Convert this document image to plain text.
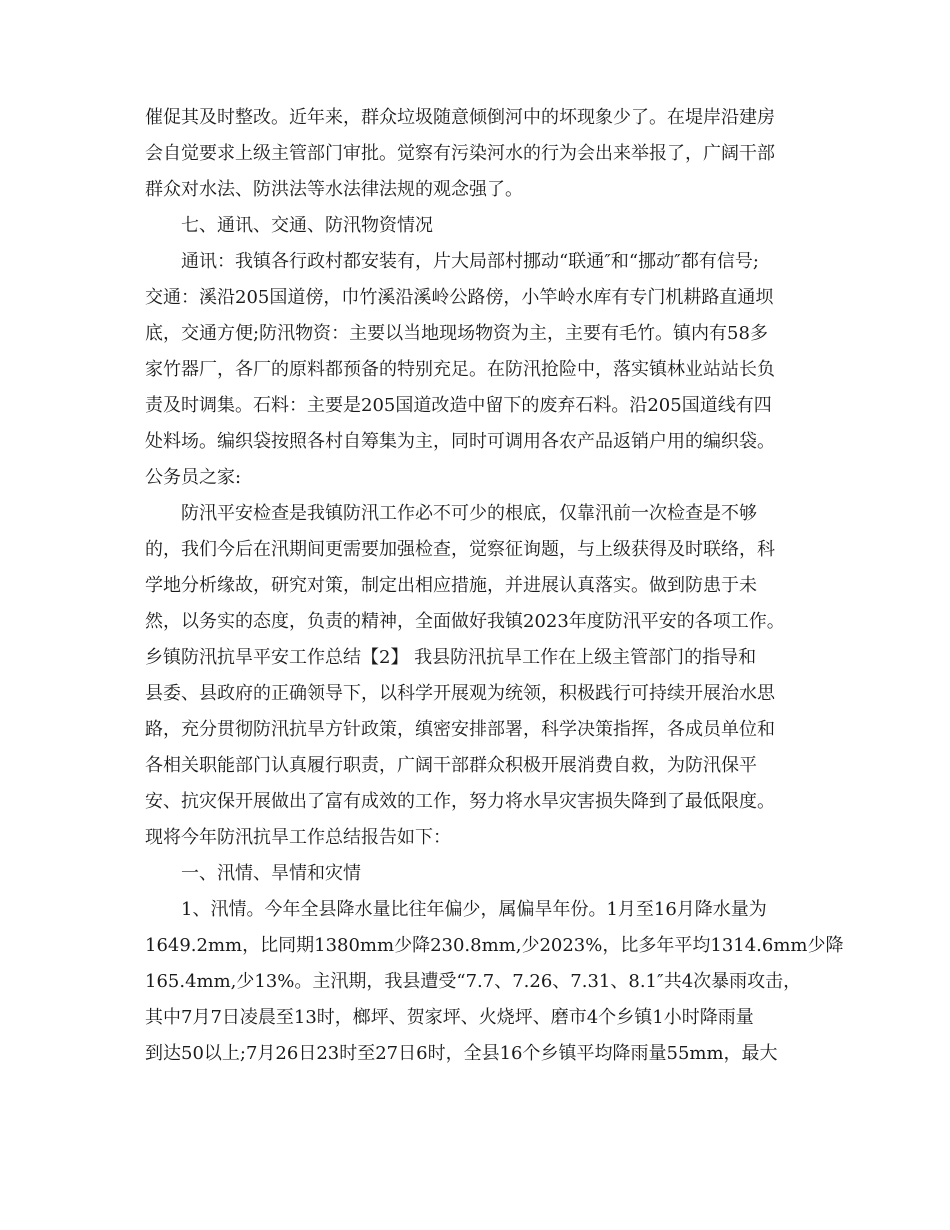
催促其及时整改。近年来，群众垃圾随意倾倒河中的坏现象少了。在堤岸沿建房
会自觉要求上级主管部门审批。觉察有污染河水的行为会出来举报了，广阔干部
群众对水法、防洪法等水法律法规的观念强了。
七、通讯、交通、防汛物资情况
通讯：我镇各行政村都安装有，片大局部村挪动“联通″和“挪动″都有信号;
交通：溪沿205国道傍，巾竹溪沿溪岭公路傍，小竿岭水库有专门机耕路直通坝
底，交通方便;防汛物资：主要以当地现场物资为主，主要有毛竹。镇内有58多
家竹器厂，各厂的原料都预备的特别充足。在防汛抢险中，落实镇林业站站长负
责及时调集。石料：主要是205国道改造中留下的废弃石料。沿205国道线有四
处料场。编织袋按照各村自筹集为主，同时可调用各农产品返销户用的编织袋。
公务员之家:
防汛平安检查是我镇防汛工作必不可少的根底，仅靠汛前一次检查是不够
的，我们今后在汛期间更需要加强检查，觉察征询题，与上级获得及时联络，科
学地分析缘故，研究对策，制定出相应措施，并进展认真落实。做到防患于未
然，以务实的态度，负责的精神，全面做好我镇2023年度防汛平安的各项工作。
乡镇防汛抗旱平安工作总结【2】 我县防汛抗旱工作在上级主管部门的指导和
县委、县政府的正确领导下，以科学开展观为统领，积极践行可持续开展治水思
路，充分贯彻防汛抗旱方针政策，缜密安排部署，科学决策指挥，各成员单位和
各相关职能部门认真履行职责，广阔干部群众积极开展消费自救，为防汛保平
安、抗灾保开展做出了富有成效的工作，努力将水旱灾害损失降到了最低限度。
现将今年防汛抗旱工作总结报告如下：
一、汛情、旱情和灾情
1、汛情。今年全县降水量比往年偏少，属偏旱年份。1月至16月降水量为
1649.2mm，比同期1380mm少降230.8mm,少2023%，比多年平均1314.6mm少降
165.4mm,少13%。主汛期，我县遭受“7.7、7.26、7.31、8.1″共4次暴雨攻击，
其中7月7日凌晨至13时，榔坪、贺家坪、火烧坪、磨市4个乡镇1小时降雨量
到达50以上;7月26日23时至27日6时，全县16个乡镇平均降雨量55mm，最大
